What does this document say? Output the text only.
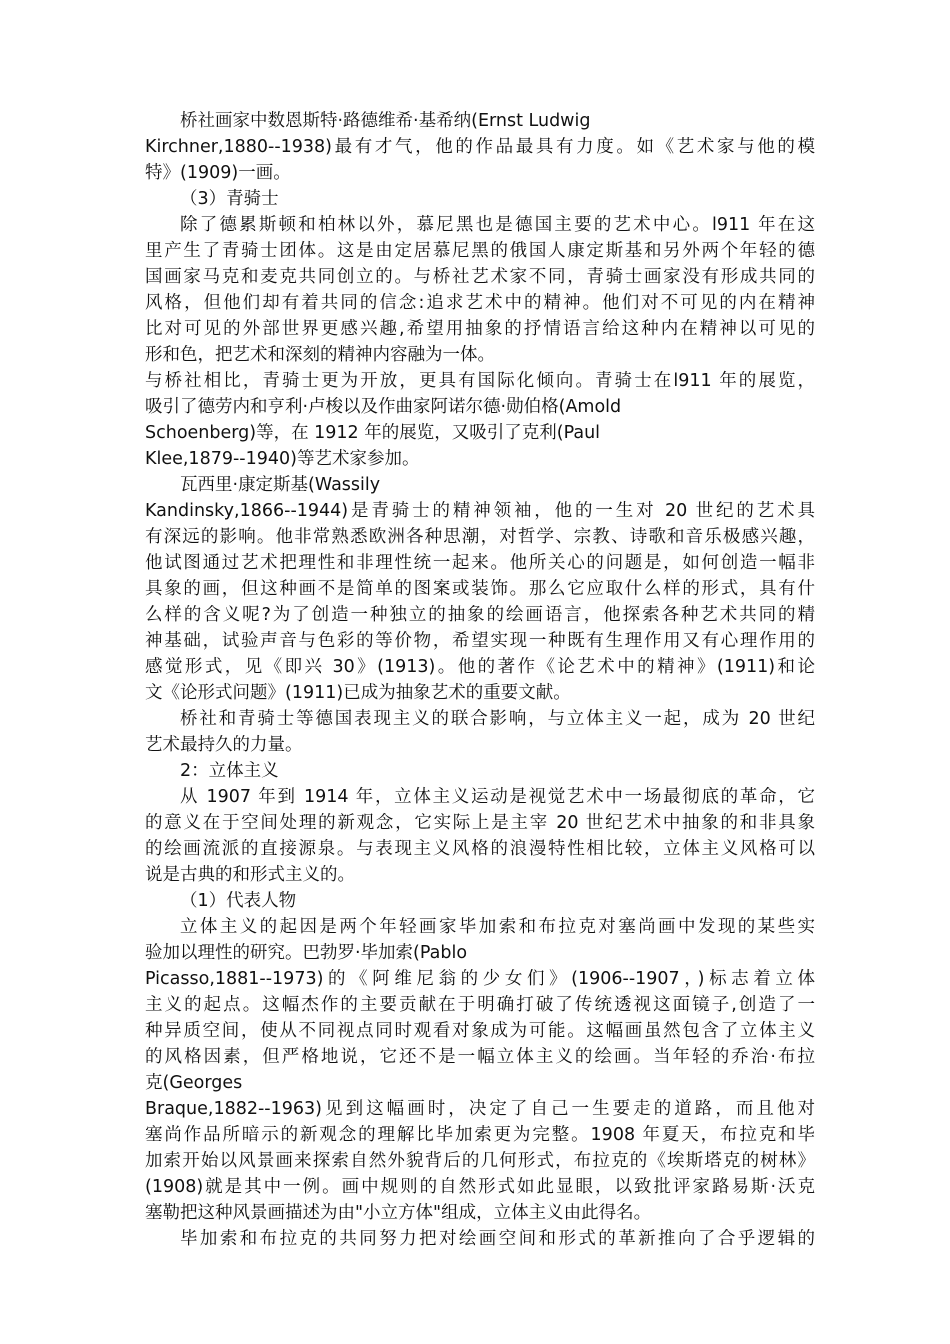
桥社画家中数恩斯特·路德维希·基希纳(Ernst Ludwig
Kirchner,1880--1938)最有才气，他的作品最具有力度。如《艺术家与他的模
特》(1909)一画。
（3）青骑士
除了德累斯顿和柏林以外，慕尼黑也是德国主要的艺术中心。l911 年在这
里产生了青骑士团体。这是由定居慕尼黑的俄国人康定斯基和另外两个年轻的德
国画家马克和麦克共同创立的。与桥社艺术家不同，青骑士画家没有形成共同的
风格，但他们却有着共同的信念:追求艺术中的精神。他们对不可见的内在精神
比对可见的外部世界更感兴趣,希望用抽象的抒情语言给这种内在精神以可见的
形和色，把艺术和深刻的精神内容融为一体。
与桥社相比，青骑士更为开放，更具有国际化倾向。青骑士在l911 年的展览，
吸引了德劳内和亨利·卢梭以及作曲家阿诺尔德·勋伯格(Amold
Schoenberg)等，在 1912 年的展览，又吸引了克利(Paul
Klee,1879--1940)等艺术家参加。
瓦西里·康定斯基(Wassily
Kandinsky,1866--1944)是青骑士的精神领袖，他的一生对 20 世纪的艺术具
有深远的影响。他非常熟悉欧洲各种思潮，对哲学、宗教、诗歌和音乐极感兴趣，
他试图通过艺术把理性和非理性统一起来。他所关心的问题是，如何创造一幅非
具象的画，但这种画不是简单的图案或装饰。那么它应取什么样的形式，具有什
么样的含义呢?为了创造一种独立的抽象的绘画语言，他探索各种艺术共同的精
神基础，试验声音与色彩的等价物，希望实现一种既有生理作用又有心理作用的
感觉形式，见《即兴 30》(1913)。他的著作《论艺术中的精神》(1911)和论
文《论形式问题》(1911)已成为抽象艺术的重要文献。
桥社和青骑士等德国表现主义的联合影响，与立体主义一起，成为 20 世纪
艺术最持久的力量。
2：立体主义
从 1907 年到 1914 年，立体主义运动是视觉艺术中一场最彻底的革命，它
的意义在于空间处理的新观念，它实际上是主宰 20 世纪艺术中抽象的和非具象
的绘画流派的直接源泉。与表现主义风格的浪漫特性相比较，立体主义风格可以
说是古典的和形式主义的。
（1）代表人物
立体主义的起因是两个年轻画家毕加索和布拉克对塞尚画中发现的某些实
验加以理性的研究。巴勃罗·毕加索(Pablo
Picasso,1881--1973)的《阿维尼翁的少女们》(1906--1907，)标志着立体
主义的起点。这幅杰作的主要贡献在于明确打破了传统透视这面镜子,创造了一
种异质空间，使从不同视点同时观看对象成为可能。这幅画虽然包含了立体主义
的风格因素，但严格地说，它还不是一幅立体主义的绘画。当年轻的乔治·布拉
克(Georges
Braque,1882--1963)见到这幅画时，决定了自己一生要走的道路，而且他对
塞尚作品所暗示的新观念的理解比毕加索更为完整。1908 年夏天，布拉克和毕
加索开始以风景画来探索自然外貌背后的几何形式，布拉克的《埃斯塔克的树林》
(1908)就是其中一例。画中规则的自然形式如此显眼，以致批评家路易斯·沃克
塞勒把这种风景画描述为由"小立方体"组成，立体主义由此得名。
毕加索和布拉克的共同努力把对绘画空间和形式的革新推向了合乎逻辑的
